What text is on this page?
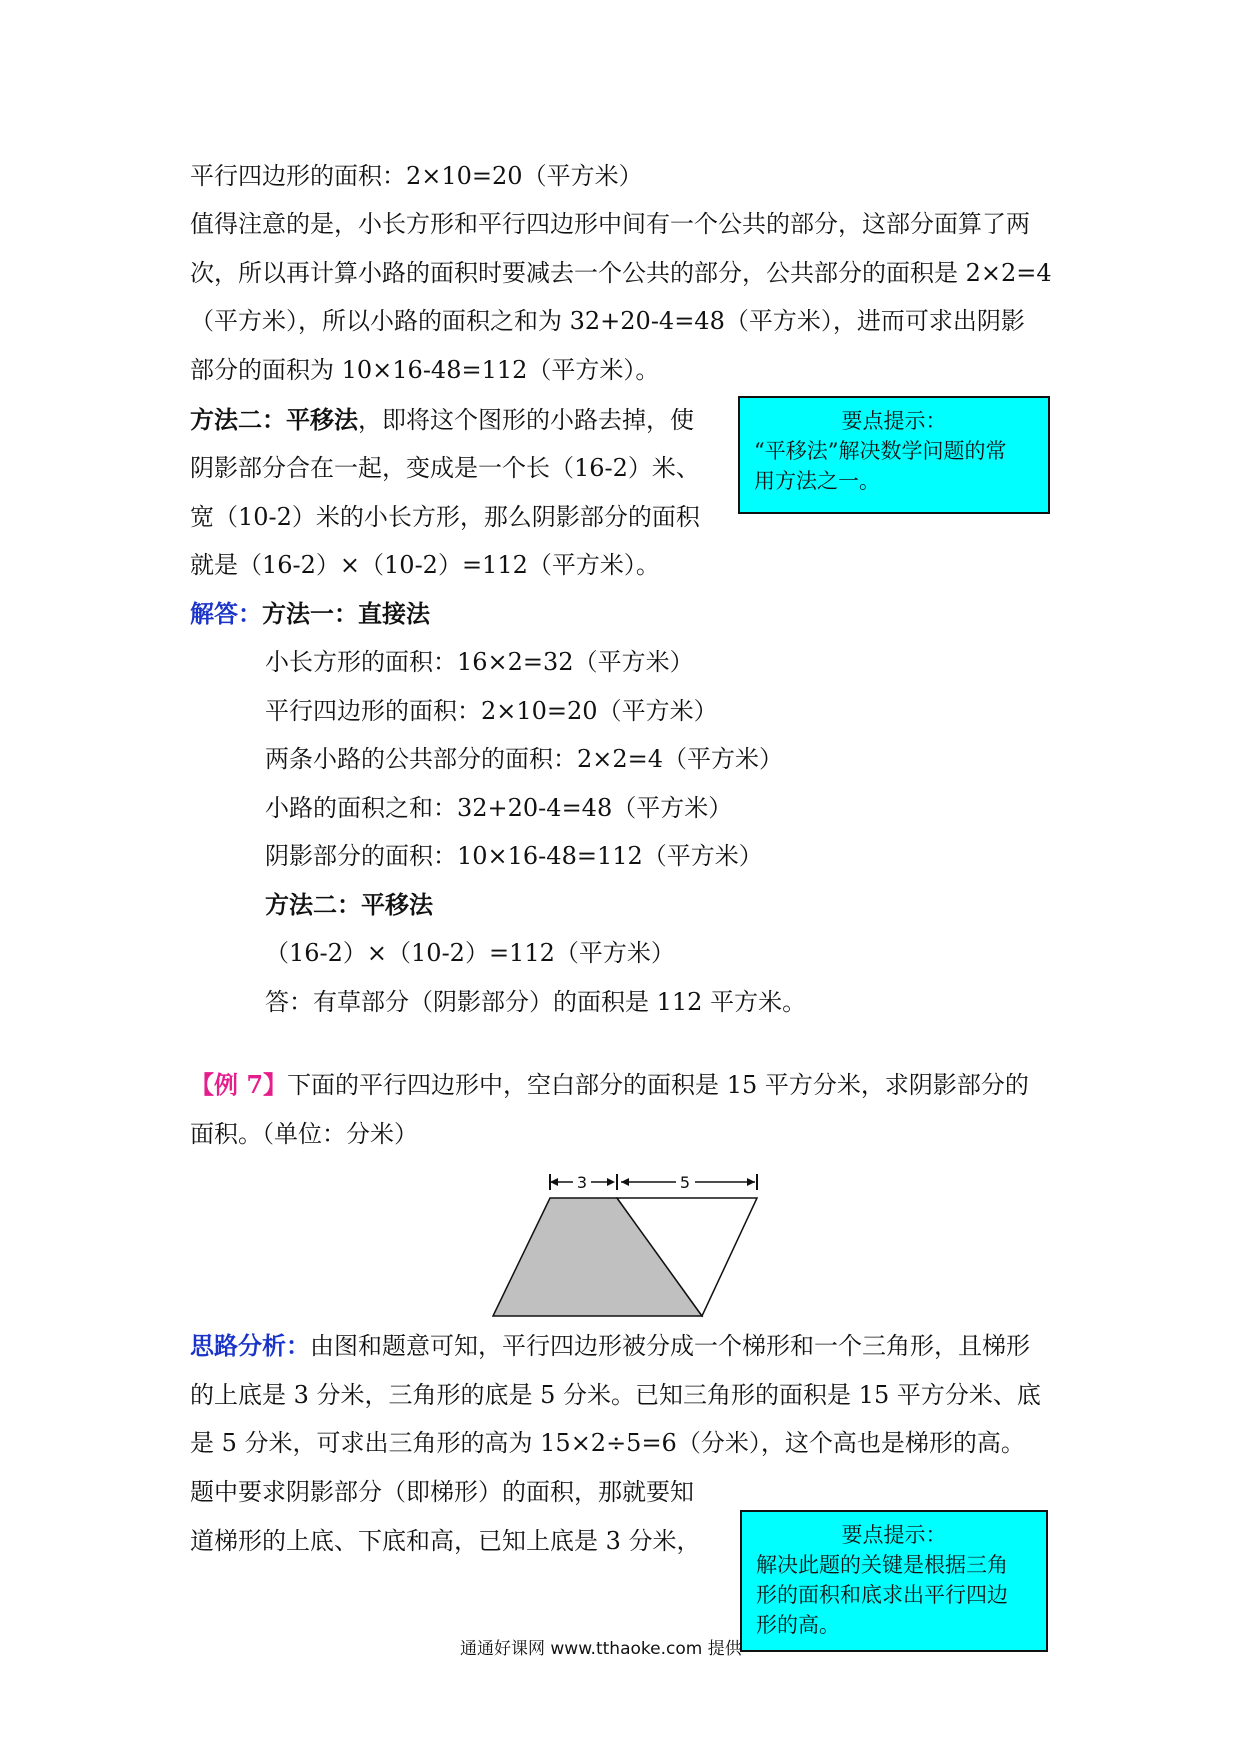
平行四边形的面积：2×10=20（平方米）
值得注意的是，小长方形和平行四边形中间有一个公共的部分，这部分面算了两
次，所以再计算小路的面积时要减去一个公共的部分，公共部分的面积是 2×2=4
（平方米），所以小路的面积之和为 32+20-4=48（平方米），进而可求出阴影
部分的面积为 10×16-48=112（平方米）。
方法二：平移法，即将这个图形的小路去掉，使
阴影部分合在一起，变成是一个长（16-2）米、
宽（10-2）米的小长方形，那么阴影部分的面积
就是（16-2）×（10-2）=112（平方米）。
要点提示：
“平移法”解决数学问题的常
用方法之一。
解答：方法一：直接法
小长方形的面积：16×2=32（平方米）
平行四边形的面积：2×10=20（平方米）
两条小路的公共部分的面积：2×2=4（平方米）
小路的面积之和：32+20-4=48（平方米）
阴影部分的面积：10×16-48=112（平方米）
方法二：平移法
（16-2）×（10-2）=112（平方米）
答：有草部分（阴影部分）的面积是 112 平方米。
【例 7】下面的平行四边形中，空白部分的面积是 15 平方分米，求阴影部分的
面积。（单位：分米）
3	5
思路分析：由图和题意可知，平行四边形被分成一个梯形和一个三角形，且梯形
的上底是 3 分米，三角形的底是 5 分米。已知三角形的面积是 15 平方分米、底
是 5 分米，可求出三角形的高为 15×2÷5=6（分米），这个高也是梯形的高。
题中要求阴影部分（即梯形）的面积，那就要知
道梯形的上底、下底和高，已知上底是 3 分米，	要点提示：
解决此题的关键是根据三角
形的面积和底求出平行四边
形的高。
通通好课网 www.tthaoke.com 提供
